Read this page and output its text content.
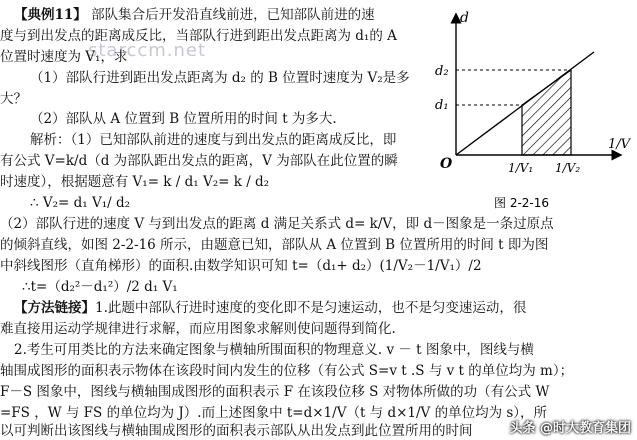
starccm.net
【典例11】 部队集合后开发沿直线前进，已知部队前进的速
度与到出发点的距离成反比，当部队行进到距出发点距离为 d₁的 A
位置时速度为 V₁，求
（1）部队行进到距出发点距离为 d₂ 的 B 位置时速度为 V₂是多
大？
（2）部队从 A 位置到 B 位置所用的时间 t 为多大.
解析：（1）已知部队前进的速度与到出发点的距离成反比，即
有公式 V=k/d（d 为部队距出发点的距离，V 为部队在此位置的瞬
时速度），根据题意有 V₁= k / d₁ V₂= k / d₂
∴ V₂= d₁ V₁/ d₂
（2）部队行进的速度 V 与到出发点的距离 d 满足关系式 d= k/V，即 d－图象是一条过原点
的倾斜直线，如图 2-2-16 所示，由题意已知，部队从 A 位置到 B 位置所用的时间 t 即为图
中斜线图形（直角梯形）的面积.由数学知识可知 t=（d₁+ d₂）(1/V₂－1/V₁）/2
∴t=（d₂²－d₁²）/2 d₁ V₁
【方法链接】1.此题中部队行进时速度的变化即不是匀速运动，也不是匀变速运动，很
难直接用运动学规律进行求解，而应用图象求解则使问题得到简化.
2.考生可用类比的方法来确定图象与横轴所围面积的物理意义. v － t 图象中，图线与横
轴围成图形的面积表示物体在该段时间内发生的位移（有公式 S=v t .S 与 v t 的单位均为 m）；
F－S 图象中，图线与横轴围成图形的面积表示 F 在该段位移 S 对物体所做的功（有公式 W
=FS ，W 与 FS 的单位均为 J）.而上述图象中 t=d×1/V（t 与 d×1/V 的单位均为 s），所
以可判断出该图线与横轴围成图形的面积表示部队从出发点到此位置所用的时间
d
1/V
O
d₂
d₁
1/V₁ 1/V₂
图 2-2-16
头条 @时大教育集团
